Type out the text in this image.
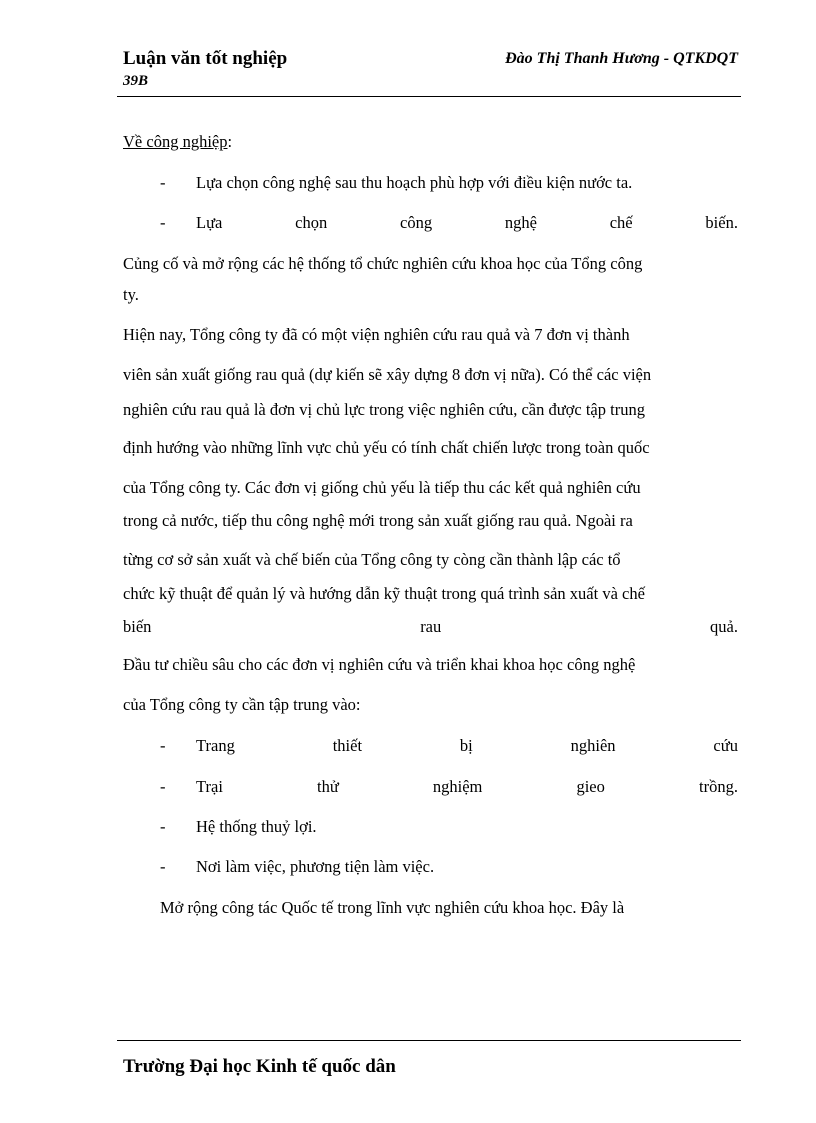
Luận văn tốt nghiệp
39B
Đào Thị Thanh Hương - QTKDQT
Về công nghiệp:
- Lựa chọn công nghệ sau thu hoạch phù hợp với điều kiện nước ta.
- Lựa	chọn	công	nghệ	chế	biến.
Củng cố và mở rộng các hệ thống tổ chức nghiên cứu khoa học của Tổng công
ty.
Hiện nay, Tổng công ty đã có một viện nghiên cứu rau quả và 7 đơn vị thành
viên sản xuất giống rau quả (dự kiến sẽ xây dựng 8 đơn vị nữa). Có thể các viện
nghiên cứu rau quả là đơn vị chủ lực trong việc nghiên cứu, cần được tập trung
định hướng vào những lĩnh vực chủ yếu có tính chất chiến lược trong toàn quốc
của Tổng công ty. Các đơn vị giống chủ yếu là tiếp thu các kết quả nghiên cứu
trong cả nước, tiếp thu công nghệ mới trong sản xuất giống rau quả. Ngoài ra
từng cơ sở sản xuất và chế biến của Tổng công ty còng cần thành lập các tổ
chức kỹ thuật để quản lý và hướng dẫn kỹ thuật trong quá trình sản xuất và chế
biến	rau	quả.
Đầu tư chiều sâu cho các đơn vị nghiên cứu và triển khai khoa học công nghệ
của Tổng công ty cần tập trung vào:
- Trang	thiết	bị	nghiên	cứu
- Trại	thử	nghiệm	gieo	trồng.
- Hệ thống thuỷ lợi.
- Nơi làm việc, phương tiện làm việc.
Mở rộng công tác Quốc tế trong lĩnh vực nghiên cứu khoa học. Đây là
Trường Đại học Kinh tế quốc dân
